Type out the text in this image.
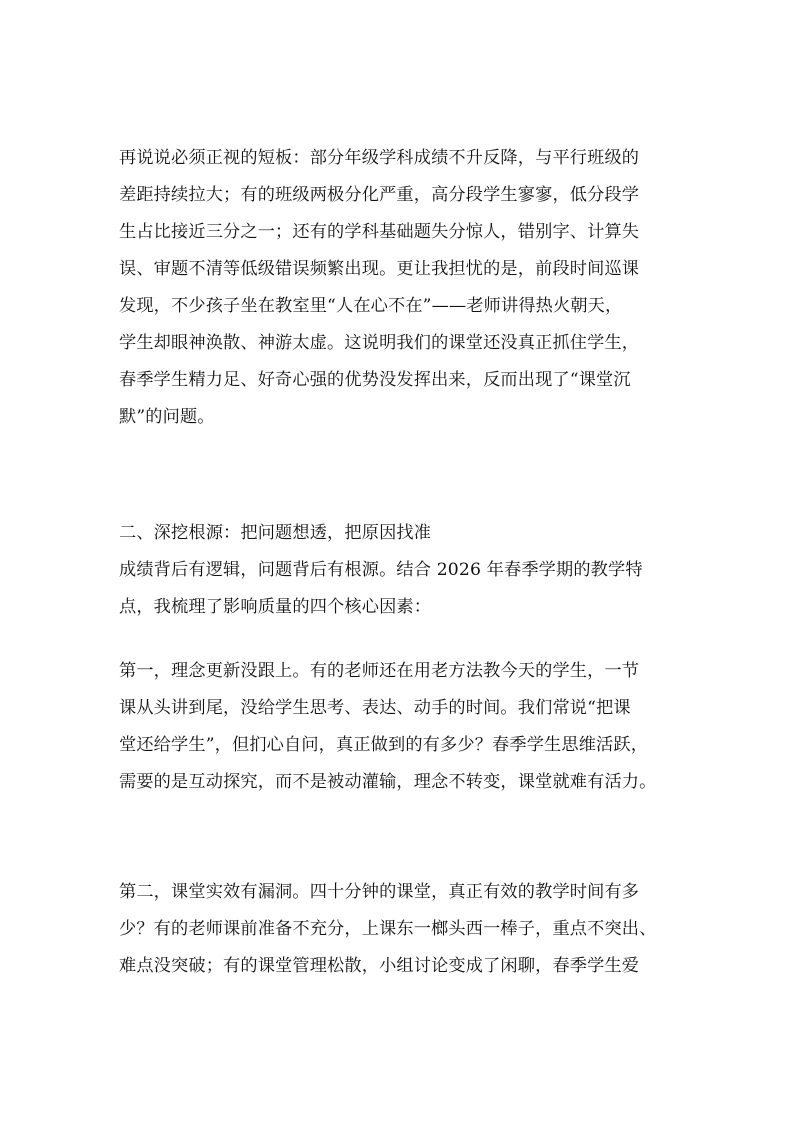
再说说必须正视的短板：部分年级学科成绩不升反降，与平行班级的
差距持续拉大；有的班级两极分化严重，高分段学生寥寥，低分段学
生占比接近三分之一；还有的学科基础题失分惊人，错别字、计算失
误、审题不清等低级错误频繁出现。更让我担忧的是，前段时间巡课
发现，不少孩子坐在教室里“人在心不在”——老师讲得热火朝天，
学生却眼神涣散、神游太虚。这说明我们的课堂还没真正抓住学生，
春季学生精力足、好奇心强的优势没发挥出来，反而出现了“课堂沉
默”的问题。
二、深挖根源：把问题想透，把原因找准
成绩背后有逻辑，问题背后有根源。结合 2026 年春季学期的教学特
点，我梳理了影响质量的四个核心因素：
第一，理念更新没跟上。有的老师还在用老方法教今天的学生，一节
课从头讲到尾，没给学生思考、表达、动手的时间。我们常说“把课
堂还给学生”，但扪心自问，真正做到的有多少？春季学生思维活跃，
需要的是互动探究，而不是被动灌输，理念不转变，课堂就难有活力。
第二，课堂实效有漏洞。四十分钟的课堂，真正有效的教学时间有多
少？有的老师课前准备不充分，上课东一榔头西一棒子，重点不突出、
难点没突破；有的课堂管理松散，小组讨论变成了闲聊，春季学生爱
